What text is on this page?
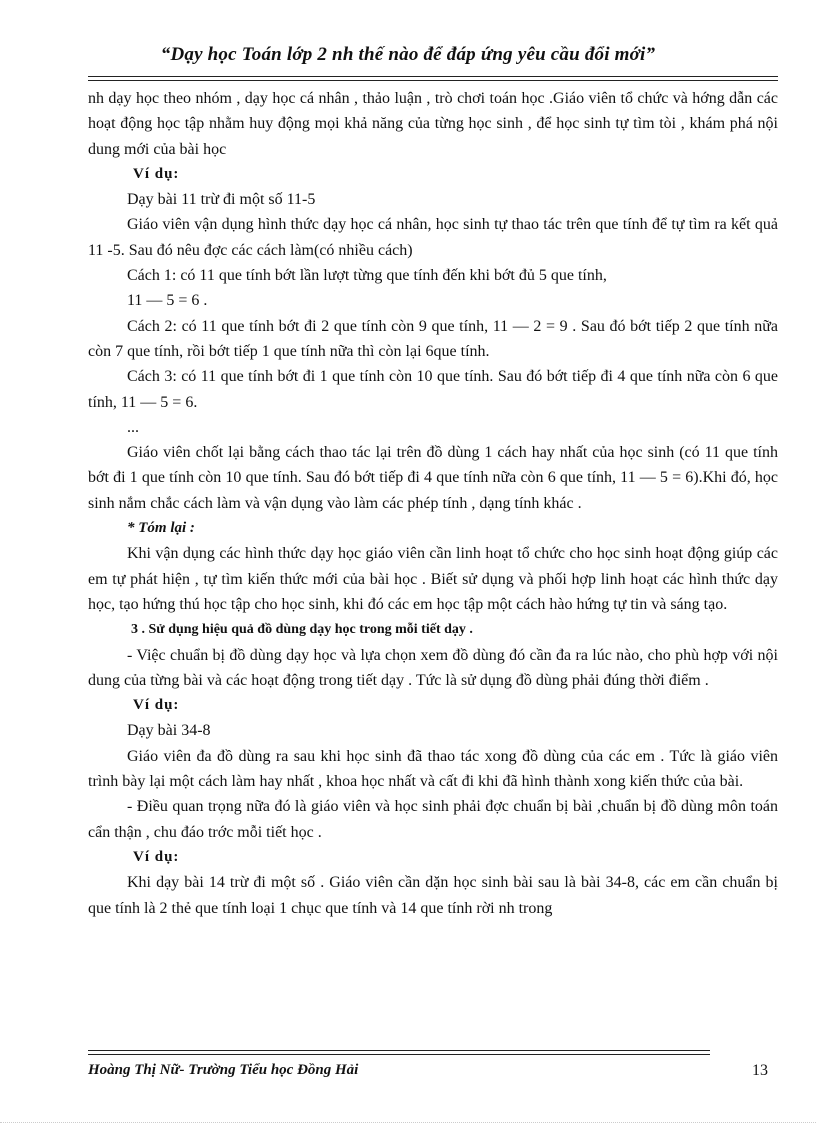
“Dạy học Toán lớp 2 nh thế nào để đáp ứng yêu cầu đổi mới”

nh dạy học theo nhóm , dạy học cá nhân , thảo luận , trò chơi toán học .Giáo viên tổ chức và hớng dẫn các hoạt động học tập nhằm huy động mọi khả năng của từng học sinh , để học sinh tự tìm tòi , khám phá nội dung mới của bài học

Ví dụ:

Dạy bài 11 trừ đi một số 11-5

Giáo viên vận dụng hình thức dạy học cá nhân, học sinh tự thao tác trên que tính để tự tìm ra kết quả 11 -5. Sau đó nêu đợc các cách làm(có nhiều cách)

Cách 1: có 11 que tính bớt lần lượt từng que tính đến khi bớt đủ 5 que tính,

11 — 5 = 6 .

Cách 2: có 11 que tính bớt đi 2 que tính còn 9 que tính, 11 — 2 = 9 . Sau đó bớt tiếp 2 que tính nữa còn 7 que tính, rồi bớt tiếp 1 que tính nữa thì còn lại 6que tính.

Cách 3: có 11 que tính bớt đi 1 que tính còn 10 que tính. Sau đó bớt tiếp đi 4 que tính nữa còn 6 que tính, 11 — 5 = 6.

...

Giáo viên chốt lại bằng cách thao tác lại trên đồ dùng 1 cách hay nhất của học sinh (có 11 que tính bớt đi 1 que tính còn 10 que tính. Sau đó bớt tiếp đi 4 que tính nữa còn 6 que tính, 11 — 5 = 6).Khi đó, học sinh nắm chắc cách làm và vận dụng vào làm các phép tính , dạng tính khác .

* Tóm lại :

Khi vận dụng các hình thức dạy học giáo viên cần linh hoạt tổ chức cho học sinh hoạt động giúp các em tự phát hiện , tự tìm kiến thức mới của bài học . Biết sử dụng và phối hợp linh hoạt các hình thức dạy học, tạo hứng thú học tập cho học sinh, khi đó các em học tập một cách hào hứng tự tin và sáng tạo.

3 . Sử dụng hiệu quả đồ dùng dạy học trong mỗi tiết dạy .

- Việc chuẩn bị đồ dùng dạy học và lựa chọn xem đồ dùng đó cần đa ra lúc nào, cho phù hợp với nội dung của từng bài và các hoạt động trong tiết dạy . Tức là sử dụng đồ dùng phải đúng thời điểm .

Ví dụ:

Dạy bài 34-8

Giáo viên đa đồ dùng ra sau khi học sinh đã thao tác xong đồ dùng của các em . Tức là giáo viên trình bày lại một cách làm hay nhất , khoa học nhất và cất đi khi đã hình thành xong kiến thức của bài.

- Điều quan trọng nữa đó là giáo viên và học sinh phải đợc chuẩn bị bài ,chuẩn bị đồ dùng môn toán cẩn thận , chu đáo trớc mỗi tiết học .

Ví dụ:

Khi dạy bài 14 trừ đi một số . Giáo viên cần dặn học sinh bài sau là bài 34-8, các em cần chuẩn bị que tính là 2 thẻ que tính loại 1 chục que tính và 14 que tính rời nh trong

Hoàng Thị Nữ- Trường Tiểu học Đồng Hải	13
